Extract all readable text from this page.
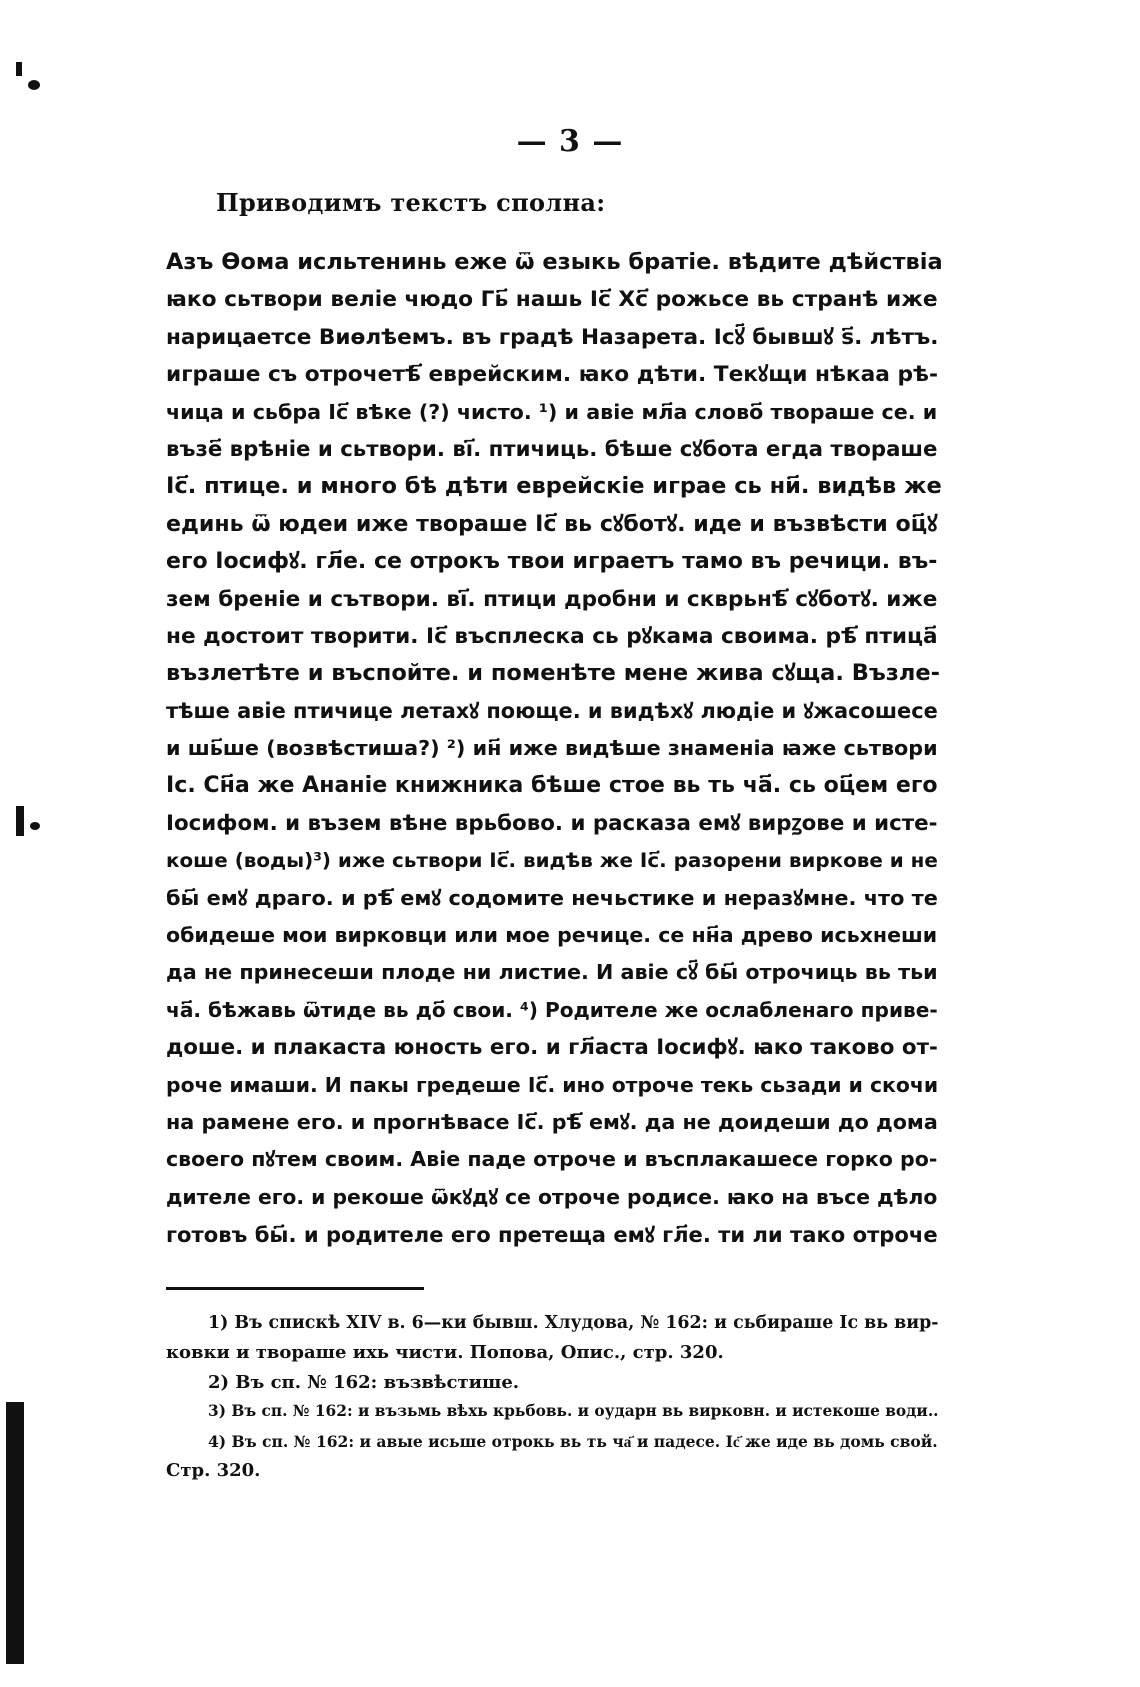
— 3 —
Приводимъ текстъ сполна:
Азъ Ѳома исльтенинь еже ѿ езыкь братіе. вѣдите дѣйствіа
ꙗко сьтвори веліе чюдо Гь҃ нашь Іс҃ Хс҃ рожьсе вь странѣ иже
нарицаетсе Виѳлѣемъ. въ градѣ Назарета. Ісꙋ҃ бывшꙋ ѕ҃. лѣтъ.
играше съ отрочетѣ҃ еврейским. ꙗко дѣти. Текꙋщи нѣкаа рѣ-
чица и сьбра Іс҃ вѣке (?) чисто. ¹) и авіе мл҃а слово҃ твораше се. и
възе҃ врѣніе и сьтвори. ві҃. птичиць. бѣше сꙋбота егда твораше
Іс҃. птице. и много бѣ дѣти еврейскіе играе сь ни҃. видѣв же
единь ѿ юдеи иже твораше Іс҃ вь сꙋботꙋ. иде и възвѣсти оц҃ꙋ
его Іосифꙋ. гл҃е. се отрокъ твои играетъ тамо въ речици. въ-
зем бреніе и сътвори. ві҃. птици дробни и скврьнѣ҃ сꙋботꙋ. иже
не достоит творити. Іс҃ въсплеска сь рꙋкама своима. рѣ҃ птица҃
възлетѣте и въспойте. и поменѣте мене жива сꙋща. Възле-
тѣше авіе птичице летахꙋ поюще. и видѣхꙋ людіе и ꙋжасошесе
и шь҃ше (возвѣстиша?) ²) ин҃ иже видѣше знаменіа ꙗже сьтвори
Іс. Сн҃а же Ананіе книжника бѣше стое вь ть ча҃. сь оц҃ем его
Іосифом. и възем вѣне врьбово. и расказа емꙋ вирꙁове и исте-
коше (воды)³) иже сьтвори Іс҃. видѣв же Іс҃. разорени вирковe и не
бы҃ емꙋ драго. и рѣ҃ емꙋ содомите нечьстике и неразꙋмне. что те
обидеше мои вирковци или мое речице. се нн҃а древо исьхнеши
да не принесеши плоде ни листие. И авіе сꙋ҃ бы҃ отрочиць вь тьи
ча҃. бѣжавь ѿтиде вь до҃ свои. ⁴) Родителе же ослабленаго приве-
доше. и плакаста юность его. и гл҃аста Іосифꙋ. ꙗко таково от-
роче имаши. И пакы гредеше Іс҃. ино отроче текь сьзади и скочи
на рамене его. и прогнѣвасе Іс҃. рѣ҃ емꙋ. да не доидеши до дома
своего пꙋтем своим. Авіе паде отроче и въсплакашесе горко ро-
дителе его. и рекоше ѿкꙋдꙋ се отроче родисе. ꙗко на въсе дѣло
готовъ бы҃. и родителе его претеща емꙋ гл҃е. ти ли тако отроче
1) Въ спискѣ XIV в. 6—ки бывш. Хлудова, № 162: и сьбираше Іс вь вир-
ковки и твораше ихь чисти. Попова, Опис., стр. 320.
2) Въ сп. № 162: възвѣстише.
3) Въ сп. № 162: и възьмь вѣхь крьбовь. и оударн вь вирковн. и истекоше води..
4) Въ сп. № 162: и авые исьше отрокь вь ть ча҃ и падесе. Іс҃ же иде вь домь свой.
Стр. 320.
